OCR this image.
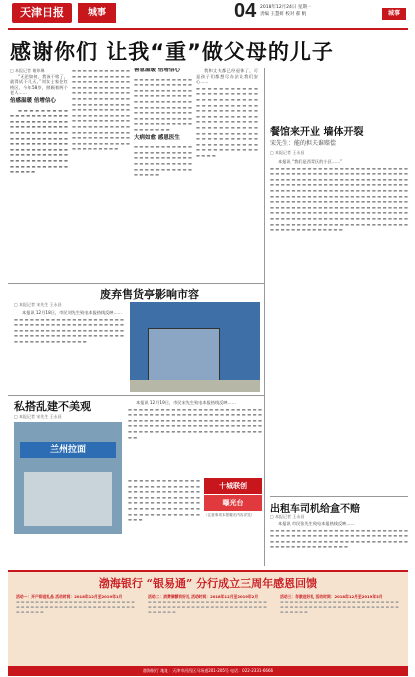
天津日报	城事	04 2018年12月24日 星期一
责编 王慧妍 校对 郝 帆	城事
感谢你们 让我“重”做父母的儿子
□ 本报记者 谢炜琳

“无论如何，我该干啥了，就得试干几天。”刘女士家住红桥区，今年58岁，照顾着两个老人……

倍感温暖 倍增信心

▬ ▬ ▬ ▬ ▬ ▬ ▬ ▬ ▬ ▬ ▬ ▬ ▬ ▬ ▬ ▬ ▬ ▬ ▬ ▬ ▬ ▬ ▬ ▬ ▬ ▬ ▬ ▬ ▬ ▬ ▬ ▬ ▬ ▬ ▬ ▬ ▬ ▬ ▬ ▬ ▬ ▬ ▬ ▬ ▬ ▬ ▬ ▬ ▬ ▬ ▬ ▬ ▬ ▬ ▬ ▬ ▬ ▬ ▬ ▬ ▬ ▬ ▬ ▬ ▬ ▬ ▬ ▬ ▬ ▬ ▬ ▬ ▬ ▬ ▬ ▬ ▬ ▬ ▬ ▬ ▬ ▬ ▬ ▬ ▬ ▬ ▬ ▬ ▬ ▬ ▬ ▬ ▬ ▬ ▬ ▬ ▬ ▬ ▬ ▬ ▬ ▬ ▬ ▬ ▬ ▬ ▬ ▬ ▬ ▬ ▬ ▬ ▬ ▬ ▬ ▬ ▬ ▬ ▬ ▬ ▬ ▬ ▬ ▬

▬ ▬ ▬ ▬ ▬ ▬ ▬ ▬ ▬ ▬ ▬ ▬ ▬ ▬ ▬ ▬ ▬ ▬ ▬ ▬ ▬ ▬ ▬ ▬ ▬ ▬ ▬ ▬ ▬ ▬ ▬ ▬ ▬ ▬ ▬ ▬ ▬ ▬ ▬ ▬ ▬ ▬ ▬ ▬ ▬ ▬ ▬ ▬ ▬ ▬ ▬ ▬ ▬ ▬ ▬ ▬ ▬ ▬ ▬ ▬ ▬ ▬ ▬ ▬ ▬ ▬ ▬ ▬ ▬ ▬ ▬ ▬ ▬ ▬ ▬ ▬ ▬ ▬ ▬ ▬ ▬ ▬ ▬ ▬ ▬ ▬ ▬ ▬ ▬ ▬ ▬ ▬ ▬ ▬ ▬ ▬ ▬ ▬ ▬ ▬ ▬ ▬ ▬ ▬ ▬ ▬ ▬ ▬ ▬ ▬ ▬ ▬ ▬ ▬ ▬ ▬ ▬ ▬ ▬ ▬ ▬ ▬ ▬ ▬ ▬ ▬ ▬ ▬ ▬ ▬ ▬ ▬ ▬ ▬ ▬ ▬ ▬ ▬ ▬ ▬ ▬ ▬ ▬ ▬ ▬ ▬ ▬ ▬ ▬ ▬ ▬ ▬ ▬ ▬ ▬ ▬ ▬ ▬ ▬ ▬ ▬ ▬ ▬
善意温暖 倍增信心
▬ ▬ ▬ ▬ ▬ ▬ ▬ ▬ ▬ ▬ ▬ ▬ ▬ ▬ ▬ ▬ ▬ ▬ ▬ ▬ ▬ ▬ ▬ ▬ ▬ ▬ ▬ ▬ ▬ ▬ ▬ ▬ ▬ ▬ ▬ ▬ ▬ ▬ ▬ ▬ ▬ ▬ ▬ ▬ ▬ ▬ ▬ ▬ ▬ ▬ ▬ ▬ ▬ ▬ ▬ ▬ ▬ ▬ ▬ ▬ ▬ ▬ ▬ ▬ ▬ ▬ ▬ ▬ ▬ ▬ ▬ ▬ ▬ ▬ ▬ ▬ ▬ ▬ ▬ ▬ ▬ ▬ ▬ ▬ ▬ ▬ ▬ ▬ ▬ ▬ ▬ ▬ ▬ ▬ ▬ ▬ ▬ ▬ ▬ ▬ ▬ ▬ ▬ ▬ ▬ ▬
大病如愈 感恩医生
▬ ▬ ▬ ▬ ▬ ▬ ▬ ▬ ▬ ▬ ▬ ▬ ▬ ▬ ▬ ▬ ▬ ▬ ▬ ▬ ▬ ▬ ▬ ▬ ▬ ▬ ▬ ▬ ▬ ▬ ▬ ▬ ▬ ▬ ▬ ▬ ▬ ▬ ▬ ▬ ▬ ▬ ▬ ▬ ▬ ▬ ▬ ▬ ▬ ▬ ▬ ▬ ▬ ▬ ▬ ▬ ▬ ▬ ▬ ▬

我和丈夫都已经退休了，可是孩子们都想尽办法让我们安心……

▬ ▬ ▬ ▬ ▬ ▬ ▬ ▬ ▬ ▬ ▬ ▬ ▬ ▬ ▬ ▬ ▬ ▬ ▬ ▬ ▬ ▬ ▬ ▬ ▬ ▬ ▬ ▬ ▬ ▬ ▬ ▬ ▬ ▬ ▬ ▬ ▬ ▬ ▬ ▬ ▬ ▬ ▬ ▬ ▬ ▬ ▬ ▬ ▬ ▬ ▬ ▬ ▬ ▬ ▬ ▬ ▬ ▬ ▬ ▬ ▬ ▬ ▬ ▬ ▬ ▬ ▬ ▬ ▬ ▬ ▬ ▬ ▬ ▬ ▬ ▬ ▬ ▬ ▬ ▬ ▬ ▬ ▬ ▬ ▬ ▬ ▬ ▬ ▬ ▬ ▬ ▬ ▬ ▬ ▬ ▬ ▬ ▬ ▬ ▬ ▬ ▬ ▬ ▬ ▬ ▬ ▬ ▬ ▬ ▬ ▬ ▬ ▬ ▬ ▬ ▬ ▬ ▬ ▬ ▬ ▬ ▬ ▬ ▬ ▬ ▬ ▬ ▬ ▬ ▬ ▬ ▬ ▬ ▬ ▬ ▬
餐馆来开业 墙体开裂
宋先生：能的担夫谁赔偿
□ 本报记者 王永昌

本报讯 “我们是西青区的小区……”

▬ ▬ ▬ ▬ ▬ ▬ ▬ ▬ ▬ ▬ ▬ ▬ ▬ ▬ ▬ ▬ ▬ ▬ ▬ ▬ ▬ ▬ ▬ ▬ ▬ ▬ ▬ ▬ ▬ ▬ ▬ ▬ ▬ ▬ ▬ ▬ ▬ ▬ ▬ ▬ ▬ ▬ ▬ ▬ ▬ ▬ ▬ ▬ ▬ ▬ ▬ ▬ ▬ ▬ ▬ ▬ ▬ ▬ ▬ ▬ ▬ ▬ ▬ ▬ ▬ ▬ ▬ ▬ ▬ ▬ ▬ ▬ ▬ ▬ ▬ ▬ ▬ ▬ ▬ ▬ ▬ ▬ ▬ ▬ ▬ ▬ ▬ ▬ ▬ ▬ ▬ ▬ ▬ ▬ ▬ ▬ ▬ ▬ ▬ ▬ ▬ ▬ ▬ ▬ ▬ ▬ ▬ ▬ ▬ ▬ ▬ ▬ ▬ ▬ ▬ ▬ ▬ ▬ ▬ ▬ ▬ ▬ ▬ ▬ ▬ ▬ ▬ ▬ ▬ ▬ ▬ ▬ ▬ ▬ ▬ ▬ ▬ ▬ ▬ ▬ ▬ ▬ ▬ ▬ ▬ ▬ ▬ ▬ ▬ ▬ ▬ ▬ ▬ ▬ ▬ ▬ ▬ ▬ ▬ ▬ ▬ ▬ ▬ ▬ ▬ ▬ ▬ ▬ ▬ ▬ ▬ ▬ ▬ ▬ ▬ ▬ ▬ ▬ ▬ ▬ ▬ ▬ ▬ ▬ ▬ ▬ ▬ ▬ ▬ ▬ ▬ ▬ ▬ ▬ ▬ ▬ ▬ ▬ ▬ ▬ ▬ ▬ ▬ ▬ ▬ ▬ ▬ ▬ ▬ ▬ ▬ ▬ ▬ ▬ ▬ ▬ ▬ ▬ ▬ ▬ ▬ ▬ ▬ ▬ ▬ ▬ ▬ ▬ ▬ ▬ ▬ ▬ ▬ ▬ ▬ ▬ ▬ ▬ ▬ ▬ ▬ ▬ ▬ ▬ ▬ ▬ ▬ ▬ ▬ ▬ ▬ ▬ ▬ ▬ ▬ ▬ ▬ ▬ ▬ ▬ ▬ ▬ ▬ ▬ ▬ ▬ ▬ ▬ ▬ ▬ ▬ ▬ ▬ ▬ ▬ ▬ ▬ ▬ ▬ ▬ ▬ ▬ ▬ ▬ ▬ ▬ ▬ ▬ ▬ ▬ ▬ ▬ ▬ ▬ ▬ ▬ ▬ ▬ ▬ ▬
废弃售货亭影响市容
□ 本报记者 宋先生 王永昌

本报讯 12月18日，市民刘先生致电本报热线反映……

▬ ▬ ▬ ▬ ▬ ▬ ▬ ▬ ▬ ▬ ▬ ▬ ▬ ▬ ▬ ▬ ▬ ▬ ▬ ▬ ▬ ▬ ▬ ▬ ▬ ▬ ▬ ▬ ▬ ▬ ▬ ▬ ▬ ▬ ▬ ▬ ▬ ▬ ▬ ▬ ▬ ▬ ▬ ▬ ▬ ▬ ▬ ▬ ▬ ▬ ▬ ▬ ▬ ▬ ▬ ▬ ▬ ▬ ▬ ▬ ▬ ▬ ▬ ▬ ▬ ▬ ▬ ▬ ▬ ▬ ▬ ▬ ▬ ▬ ▬ ▬ ▬ ▬ ▬ ▬ ▬ ▬ ▬ ▬ ▬ ▬ ▬ ▬ ▬ ▬ ▬ ▬ ▬ ▬ ▬ ▬ ▬ ▬
私搭乱建不美观
□ 本报记者 宋先生 王永昌
兰州拉面

本报讯 12月19日，市民宋先生致电本报热线反映……

▬ ▬ ▬ ▬ ▬ ▬ ▬ ▬ ▬ ▬ ▬ ▬ ▬ ▬ ▬ ▬ ▬ ▬ ▬ ▬ ▬ ▬ ▬ ▬ ▬ ▬ ▬ ▬ ▬ ▬ ▬ ▬ ▬ ▬ ▬ ▬ ▬ ▬ ▬ ▬ ▬ ▬ ▬ ▬ ▬ ▬ ▬ ▬ ▬ ▬ ▬ ▬ ▬ ▬ ▬ ▬ ▬ ▬ ▬ ▬ ▬ ▬ ▬ ▬ ▬ ▬ ▬ ▬ ▬ ▬ ▬ ▬ ▬ ▬ ▬ ▬ ▬ ▬ ▬ ▬ ▬ ▬ ▬ ▬ ▬ ▬ ▬ ▬ ▬ ▬ ▬ ▬ ▬ ▬ ▬ ▬ ▬ ▬ ▬ ▬ ▬ ▬ ▬ ▬ ▬ ▬ ▬ ▬ ▬ ▬ ▬ ▬ ▬ ▬ ▬ ▬ ▬ ▬ ▬ ▬ ▬ ▬ ▬ ▬ ▬ ▬ ▬
▬ ▬ ▬ ▬ ▬ ▬ ▬ ▬ ▬ ▬ ▬ ▬ ▬ ▬ ▬ ▬ ▬ ▬ ▬ ▬ ▬ ▬ ▬ ▬ ▬ ▬ ▬ ▬ ▬ ▬ ▬ ▬ ▬ ▬ ▬ ▬ ▬ ▬ ▬ ▬ ▬ ▬ ▬ ▬ ▬ ▬ ▬ ▬ ▬ ▬ ▬ ▬ ▬ ▬ ▬ ▬ ▬ ▬ ▬ ▬ ▬ ▬ ▬ ▬ ▬ ▬ ▬ ▬ ▬ ▬ ▬ ▬ ▬ ▬ ▬ ▬ ▬ ▬ ▬ ▬ ▬ ▬ ▬ ▬ ▬ ▬ ▬ ▬ ▬ ▬ ▬ ▬ ▬ ▬
十城联创
曝光台
（注意事项本报曝光内容详见）	出租车司机给盒不赔
□ 本报记者 王永昌

本报讯 市民张先生致电本报热线反映……

▬ ▬ ▬ ▬ ▬ ▬ ▬ ▬ ▬ ▬ ▬ ▬ ▬ ▬ ▬ ▬ ▬ ▬ ▬ ▬ ▬ ▬ ▬ ▬ ▬ ▬ ▬ ▬ ▬ ▬ ▬ ▬ ▬ ▬ ▬ ▬ ▬ ▬ ▬ ▬ ▬ ▬ ▬ ▬ ▬ ▬ ▬ ▬ ▬ ▬ ▬ ▬ ▬ ▬ ▬ ▬ ▬ ▬ ▬ ▬ ▬ ▬ ▬ ▬ ▬ ▬ ▬ ▬ ▬ ▬ ▬ ▬ ▬ ▬ ▬ ▬ ▬ ▬ ▬ ▬ ▬ ▬ ▬ ▬ ▬ ▬ ▬ ▬ ▬ ▬ ▬ ▬ ▬
渤海银行 “银易通” 分行成立三周年感恩回馈
活动一：开户即送礼品 活动时间：2018年12月至2019年1月
▬ ▬ ▬ ▬ ▬ ▬ ▬ ▬ ▬ ▬ ▬ ▬ ▬ ▬ ▬ ▬ ▬ ▬ ▬ ▬ ▬ ▬ ▬ ▬ ▬ ▬ ▬ ▬ ▬ ▬ ▬ ▬ ▬ ▬ ▬ ▬ ▬ ▬ ▬ ▬ ▬ ▬ ▬ ▬ ▬ ▬ ▬ ▬ ▬ ▬ ▬ ▬ ▬ ▬ ▬ ▬
活动二：消费满额有好礼 活动时间：2018年12月至2019年2月
▬ ▬ ▬ ▬ ▬ ▬ ▬ ▬ ▬ ▬ ▬ ▬ ▬ ▬ ▬ ▬ ▬ ▬ ▬ ▬ ▬ ▬ ▬ ▬ ▬ ▬ ▬ ▬ ▬ ▬ ▬ ▬ ▬ ▬ ▬ ▬ ▬ ▬ ▬ ▬ ▬ ▬ ▬ ▬ ▬ ▬ ▬ ▬ ▬ ▬ ▬ ▬ ▬ ▬ ▬ ▬
活动三：存款送好礼 活动时间：2018年12月至2019年3月
▬ ▬ ▬ ▬ ▬ ▬ ▬ ▬ ▬ ▬ ▬ ▬ ▬ ▬ ▬ ▬ ▬ ▬ ▬ ▬ ▬ ▬ ▬ ▬ ▬ ▬ ▬ ▬ ▬ ▬ ▬ ▬ ▬ ▬ ▬ ▬ ▬ ▬ ▬ ▬ ▬ ▬ ▬ ▬ ▬ ▬ ▬ ▬ ▬ ▬ ▬ ▬ ▬ ▬ ▬ ▬
渤海银行 地址：天津市河西区马场道201-205号 电话：022-2331-6666
